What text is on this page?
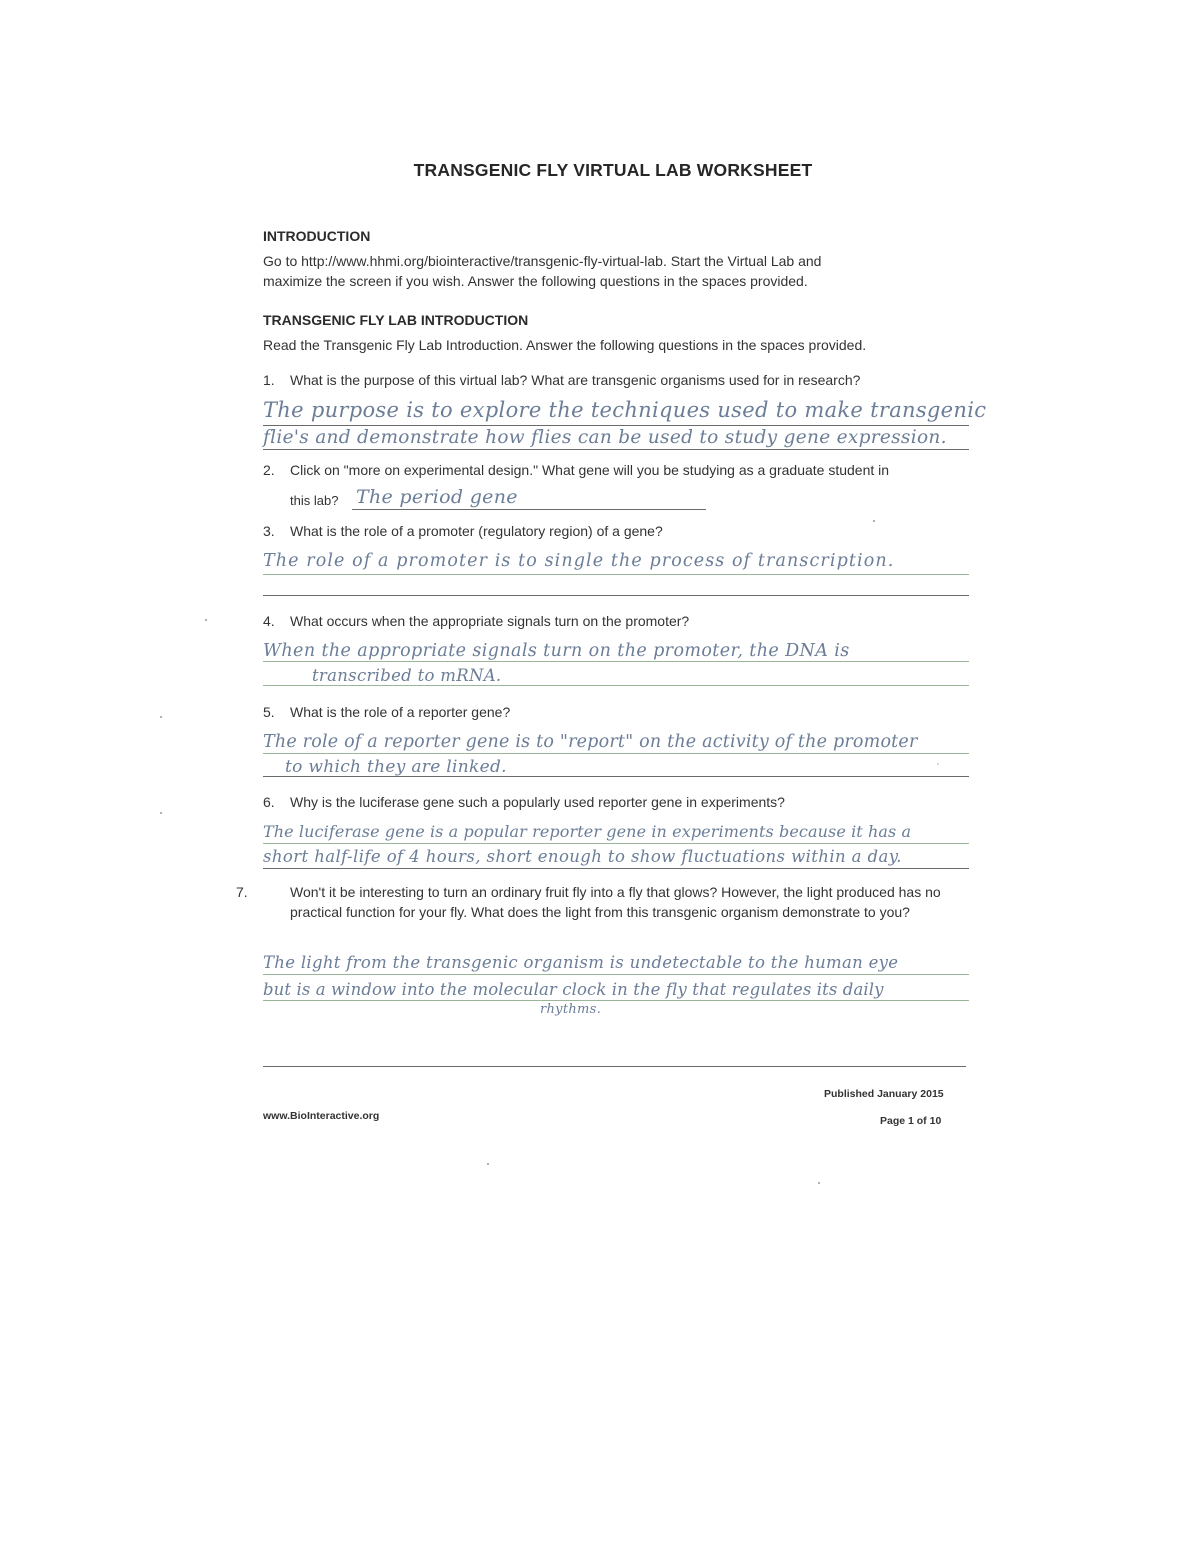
TRANSGENIC FLY VIRTUAL LAB WORKSHEET
INTRODUCTION
Go to http://www.hhmi.org/biointeractive/transgenic-fly-virtual-lab. Start the Virtual Lab and
maximize the screen if you wish. Answer the following questions in the spaces provided.
TRANSGENIC FLY LAB INTRODUCTION
Read the Transgenic Fly Lab Introduction. Answer the following questions in the spaces provided.
1. What is the purpose of this virtual lab? What are transgenic organisms used for in research?
The purpose is to explore the techniques used to make transgenic
flie's and demonstrate how flies can be used to study gene expression.
2. Click on "more on experimental design." What gene will you be studying as a graduate student in
this lab? The period gene
3. What is the role of a promoter (regulatory region) of a gene?
The role of a promoter is to single the process of transcription.
4. What occurs when the appropriate signals turn on the promoter?
When the appropriate signals turn on the promoter, the DNA is
transcribed to mRNA.
5. What is the role of a reporter gene?
The role of a reporter gene is to "report" on the activity of the promoter
to which they are linked.
6. Why is the luciferase gene such a popularly used reporter gene in experiments?
The luciferase gene is a popular reporter gene in experiments because it has a
short half-life of 4 hours, short enough to show fluctuations within a day.
7.	Won't it be interesting to turn an ordinary fruit fly into a fly that glows? However, the light produced has no practical function for your fly. What does the light from this transgenic organism demonstrate to you?
The light from the transgenic organism is undetectable to the human eye
but is a window into the molecular clock in the fly that regulates its daily
rhythms.
Published January 2015
www.BioInteractive.org	Page 1 of 10
